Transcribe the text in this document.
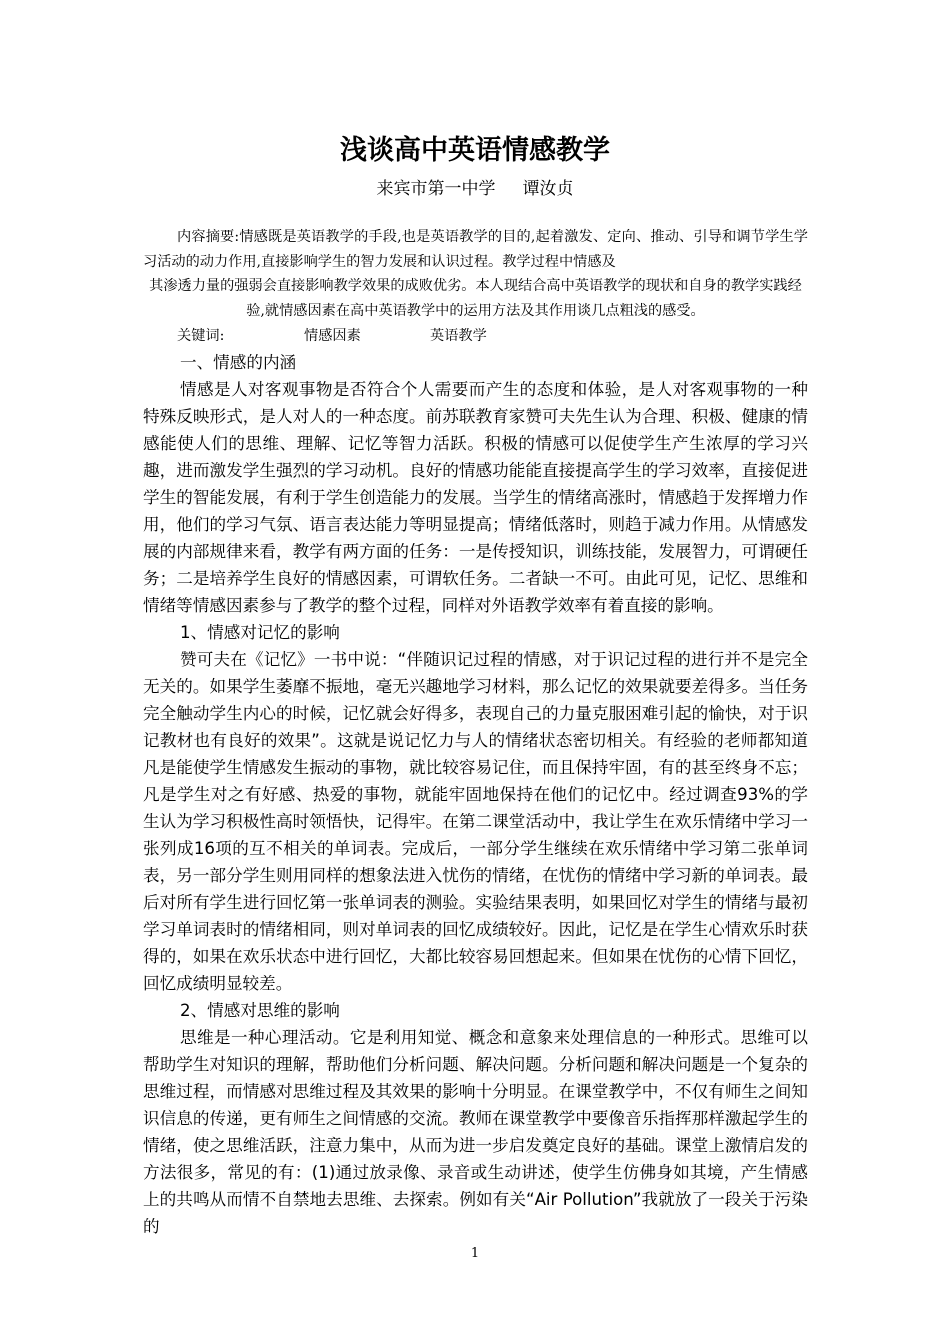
浅谈高中英语情感教学
来宾市第一中学     谭汝贞

内容摘要:情感既是英语教学的手段,也是英语教学的目的,起着激发、定向、推动、引导和调节学生学习活动的动力作用,直接影响学生的智力发展和认识过程。教学过程中情感及

其渗透力量的强弱会直接影响教学效果的成败优劣。本人现结合高中英语教学的现状和自身的教学实践经验,就情感因素在高中英语教学中的运用方法及其作用谈几点粗浅的感受。

关键词:	情感因素	英语教学

一、情感的内涵

情感是人对客观事物是否符合个人需要而产生的态度和体验，是人对客观事物的一种特殊反映形式，是人对人的一种态度。前苏联教育家赞可夫先生认为合理、积极、健康的情感能使人们的思维、理解、记忆等智力活跃。积极的情感可以促使学生产生浓厚的学习兴趣，进而激发学生强烈的学习动机。良好的情感功能能直接提高学生的学习效率，直接促进学生的智能发展，有利于学生创造能力的发展。当学生的情绪高涨时，情感趋于发挥增力作用，他们的学习气氛、语言表达能力等明显提高；情绪低落时，则趋于减力作用。从情感发展的内部规律来看，教学有两方面的任务：一是传授知识，训练技能，发展智力，可谓硬任务；二是培养学生良好的情感因素，可谓软任务。二者缺一不可。由此可见，记忆、思维和情绪等情感因素参与了教学的整个过程，同样对外语教学效率有着直接的影响。

1、情感对记忆的影响

赞可夫在《记忆》一书中说：“伴随识记过程的情感，对于识记过程的进行并不是完全无关的。如果学生萎靡不振地，毫无兴趣地学习材料，那么记忆的效果就要差得多。当任务完全触动学生内心的时候，记忆就会好得多，表现自己的力量克服困难引起的愉快，对于识记教材也有良好的效果”。这就是说记忆力与人的情绪状态密切相关。有经验的老师都知道凡是能使学生情感发生振动的事物，就比较容易记住，而且保持牢固，有的甚至终身不忘；凡是学生对之有好感、热爱的事物，就能牢固地保持在他们的记忆中。经过调查93%的学生认为学习积极性高时领悟快，记得牢。在第二课堂活动中，我让学生在欢乐情绪中学习一张列成16项的互不相关的单词表。完成后，一部分学生继续在欢乐情绪中学习第二张单词表，另一部分学生则用同样的想象法进入忧伤的情绪，在忧伤的情绪中学习新的单词表。最后对所有学生进行回忆第一张单词表的测验。实验结果表明，如果回忆对学生的情绪与最初学习单词表时的情绪相同，则对单词表的回忆成绩较好。因此，记忆是在学生心情欢乐时获得的，如果在欢乐状态中进行回忆，大都比较容易回想起来。但如果在忧伤的心情下回忆，回忆成绩明显较差。

2、情感对思维的影响

思维是一种心理活动。它是利用知觉、概念和意象来处理信息的一种形式。思维可以帮助学生对知识的理解，帮助他们分析问题、解决问题。分析问题和解决问题是一个复杂的思维过程，而情感对思维过程及其效果的影响十分明显。在课堂教学中，不仅有师生之间知识信息的传递，更有师生之间情感的交流。教师在课堂教学中要像音乐指挥那样激起学生的情绪，使之思维活跃，注意力集中，从而为进一步启发奠定良好的基础。课堂上激情启发的方法很多，常见的有：(1)通过放录像、录音或生动讲述，使学生仿佛身如其境，产生情感上的共鸣从而情不自禁地去思维、去探索。例如有关“Air Pollution”我就放了一段关于污染的

1
